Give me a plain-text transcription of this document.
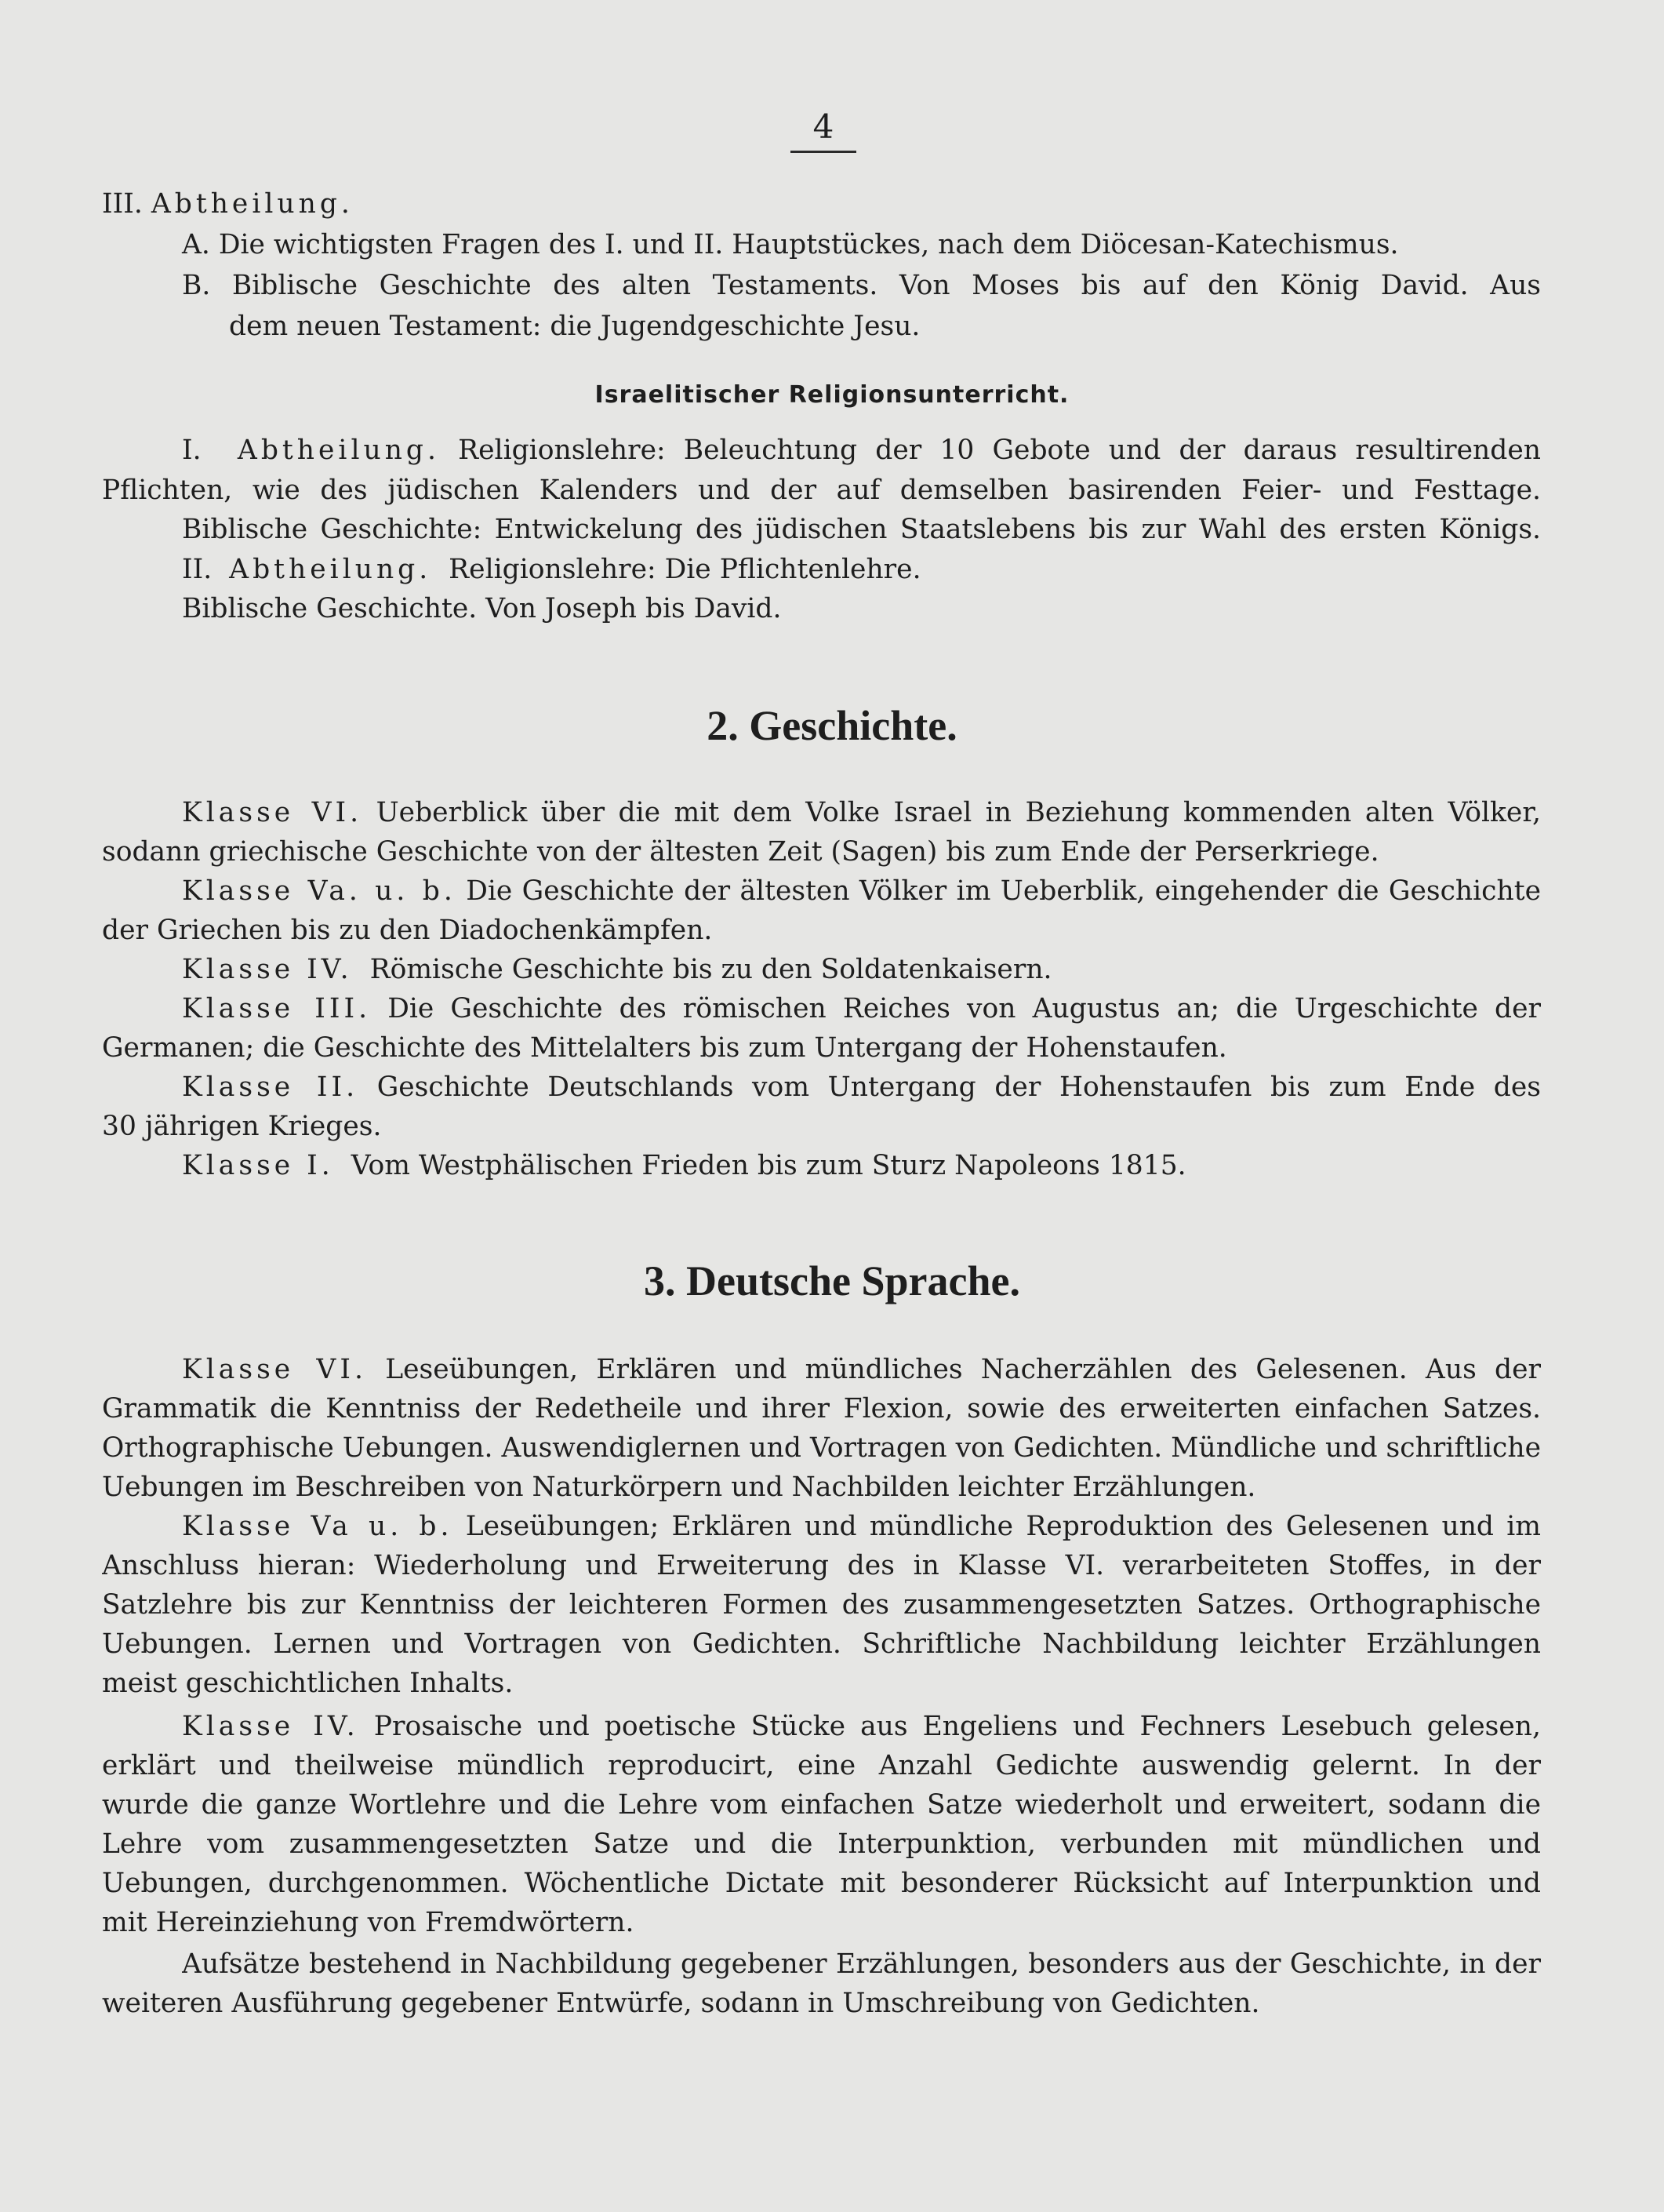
4
III. Abtheilung.
A. Die wichtigsten Fragen des I. und II. Hauptstückes, nach dem Diöcesan-Katechismus.
B. Biblische Geschichte des alten Testaments. Von Moses bis auf den König David. Aus
dem neuen Testament: die Jugendgeschichte Jesu.
Israelitischer Religionsunterricht.
I. Abtheilung. Religionslehre: Beleuchtung der 10 Gebote und der daraus resultirenden
Pflichten, wie des jüdischen Kalenders und der auf demselben basirenden Feier- und Festtage.
Biblische Geschichte: Entwickelung des jüdischen Staatslebens bis zur Wahl des ersten Königs.
II. Abtheilung. Religionslehre: Die Pflichtenlehre.
Biblische Geschichte. Von Joseph bis David.
2. Geschichte.
Klasse VI. Ueberblick über die mit dem Volke Israel in Beziehung kommenden alten Völker,
sodann griechische Geschichte von der ältesten Zeit (Sagen) bis zum Ende der Perserkriege.
Klasse Va. u. b. Die Geschichte der ältesten Völker im Ueberblik, eingehender die Geschichte
der Griechen bis zu den Diadochenkämpfen.
Klasse IV. Römische Geschichte bis zu den Soldatenkaisern.
Klasse III. Die Geschichte des römischen Reiches von Augustus an; die Urgeschichte der
Germanen; die Geschichte des Mittelalters bis zum Untergang der Hohenstaufen.
Klasse II. Geschichte Deutschlands vom Untergang der Hohenstaufen bis zum Ende des
30 jährigen Krieges.
Klasse I. Vom Westphälischen Frieden bis zum Sturz Napoleons 1815.
3. Deutsche Sprache.
Klasse VI. Leseübungen, Erklären und mündliches Nacherzählen des Gelesenen. Aus der
Grammatik die Kenntniss der Redetheile und ihrer Flexion, sowie des erweiterten einfachen Satzes.
Orthographische Uebungen. Auswendiglernen und Vortragen von Gedichten. Mündliche und schriftliche
Uebungen im Beschreiben von Naturkörpern und Nachbilden leichter Erzählungen.
Klasse Va u. b. Leseübungen; Erklären und mündliche Reproduktion des Gelesenen und im
Anschluss hieran: Wiederholung und Erweiterung des in Klasse VI. verarbeiteten Stoffes, in der
Satzlehre bis zur Kenntniss der leichteren Formen des zusammengesetzten Satzes. Orthographische
Uebungen. Lernen und Vortragen von Gedichten. Schriftliche Nachbildung leichter Erzählungen
meist geschichtlichen Inhalts.
Klasse IV. Prosaische und poetische Stücke aus Engeliens und Fechners Lesebuch gelesen,
erklärt und theilweise mündlich reproducirt, eine Anzahl Gedichte auswendig gelernt. In der
wurde die ganze Wortlehre und die Lehre vom einfachen Satze wiederholt und erweitert, sodann die
Lehre vom zusammengesetzten Satze und die Interpunktion, verbunden mit mündlichen und
Uebungen, durchgenommen. Wöchentliche Dictate mit besonderer Rücksicht auf Interpunktion und
mit Hereinziehung von Fremdwörtern.
Aufsätze bestehend in Nachbildung gegebener Erzählungen, besonders aus der Geschichte, in der
weiteren Ausführung gegebener Entwürfe, sodann in Umschreibung von Gedichten.
